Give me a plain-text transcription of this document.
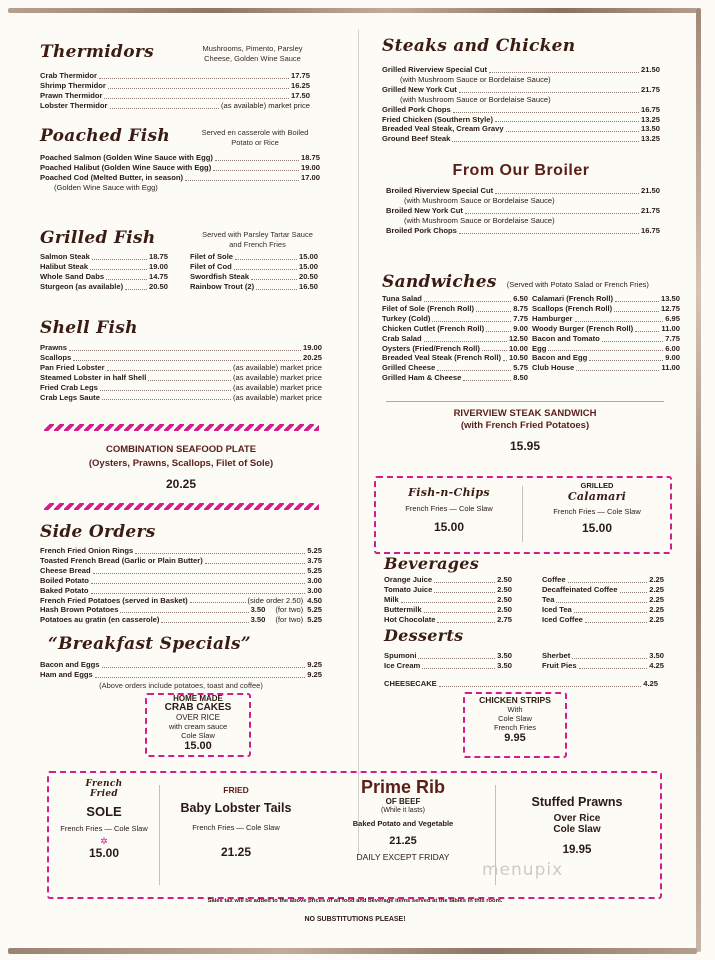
Thermidors	Mushrooms, Pimento, Parsley Cheese, Golden Wine Sauce
Crab Thermidor	17.75
Shrimp Thermidor	16.25
Prawn Thermidor	17.50
Lobster Thermidor	(as available) market price
Poached Fish	Served en casserole with Boiled Potato or Rice
Poached Salmon (Golden Wine Sauce with Egg)	18.75
Poached Halibut (Golden Wine Sauce with Egg)	19.00
Poached Cod (Melted Butter, in season)	17.00
(Golden Wine Sauce with Egg)
Grilled Fish	Served with Parsley Tartar Sauce and French Fries
Salmon Steak	18.75
Halibut Steak	19.00
Whole Sand Dabs	14.75
Sturgeon (as available)	20.50
Filet of Sole	15.00
Filet of Cod	15.00
Swordfish Steak	20.50
Rainbow Trout (2)	16.50
Shell Fish
Prawns	19.00
Scallops	20.25
Pan Fried Lobster	(as available) market price
Steamed Lobster in half Shell	(as available) market price
Fried Crab Legs	(as available) market price
Crab Legs Saute	(as available) market price
COMBINATION SEAFOOD PLATE
(Oysters, Prawns, Scallops, Filet of Sole)
20.25
Side Orders
French Fried Onion Rings	5.25
Toasted French Bread (Garlic or Plain Butter)	3.75
Cheese Bread	5.25
Boiled Potato	3.00
Baked Potato	3.00
French Fried Potatoes (served in Basket)	(side order 2.50) 4.50
Hash Brown Potatoes	3.50 (for two) 5.25
Potatoes au gratin (en casserole)	3.50 (for two) 5.25
“Breakfast Specials”
Bacon and Eggs	9.25
Ham and Eggs	9.25
(Above orders include potatoes, toast and coffee)
HOME MADE
CRAB CAKES
OVER RICE
with cream sauce
Cole Slaw
15.00
Steaks and Chicken
Grilled Riverview Special Cut	21.50
(with Mushroom Sauce or Bordelaise Sauce)
Grilled New York Cut	21.75
(with Mushroom Sauce or Bordelaise Sauce)
Grilled Pork Chops	16.75
Fried Chicken (Southern Style)	13.25
Breaded Veal Steak, Cream Gravy	13.50
Ground Beef Steak	13.25
From Our Broiler
Broiled Riverview Special Cut	21.50
(with Mushroom Sauce or Bordelaise Sauce)
Broiled New York Cut	21.75
(with Mushroom Sauce or Bordelaise Sauce)
Broiled Pork Chops	16.75
Sandwiches (Served with Potato Salad or French Fries)
Tuna Salad	6.50
Filet of Sole (French Roll)	8.75
Turkey (Cold)	7.75
Chicken Cutlet (French Roll)	9.00
Crab Salad	12.50
Oysters (Fried/French Roll)	10.00
Breaded Veal Steak (French Roll) 10.50
Grilled Cheese	5.75
Grilled Ham & Cheese	8.50
Calamari (French Roll)	13.50
Scallops (French Roll)	12.75
Hamburger	6.95
Woody Burger (French Roll)	11.00
Bacon and Tomato	7.75
Egg	6.00
Bacon and Egg	9.00
Club House	11.00
RIVERVIEW STEAK SANDWICH
(with French Fried Potatoes)
15.95
Fish-n-Chips
French Fries — Cole Slaw
15.00
GRILLED
Calamari
French Fries — Cole Slaw
15.00
Beverages
Orange Juice	2.50
Tomato Juice	2.50
Milk	2.50
Buttermilk	2.50
Hot Chocolate	2.75
Coffee	2.25
Decaffeinated Coffee	2.25
Tea	2.25
Iced Tea	2.25
Iced Coffee	2.25
Desserts
Spumoni	3.50
Ice Cream	3.50
Sherbet	3.50
Fruit Pies	4.25
CHEESECAKE	4.25
CHICKEN STRIPS
With
Cole Slaw
French Fries
9.95
French
Fried
SOLE
French Fries — Cole Slaw
✲
15.00
FRIED
Baby Lobster Tails
French Fries — Cole Slaw
21.25
Prime Rib
OF BEEF
(While it lasts)
Baked Potato and Vegetable
21.25
DAILY EXCEPT FRIDAY
Stuffed Prawns
Over Rice
Cole Slaw
19.95
menupix
Sales tax will be added to the above prices of all food and beverage items served at the tables in this room.
NO SUBSTITUTIONS PLEASE!
